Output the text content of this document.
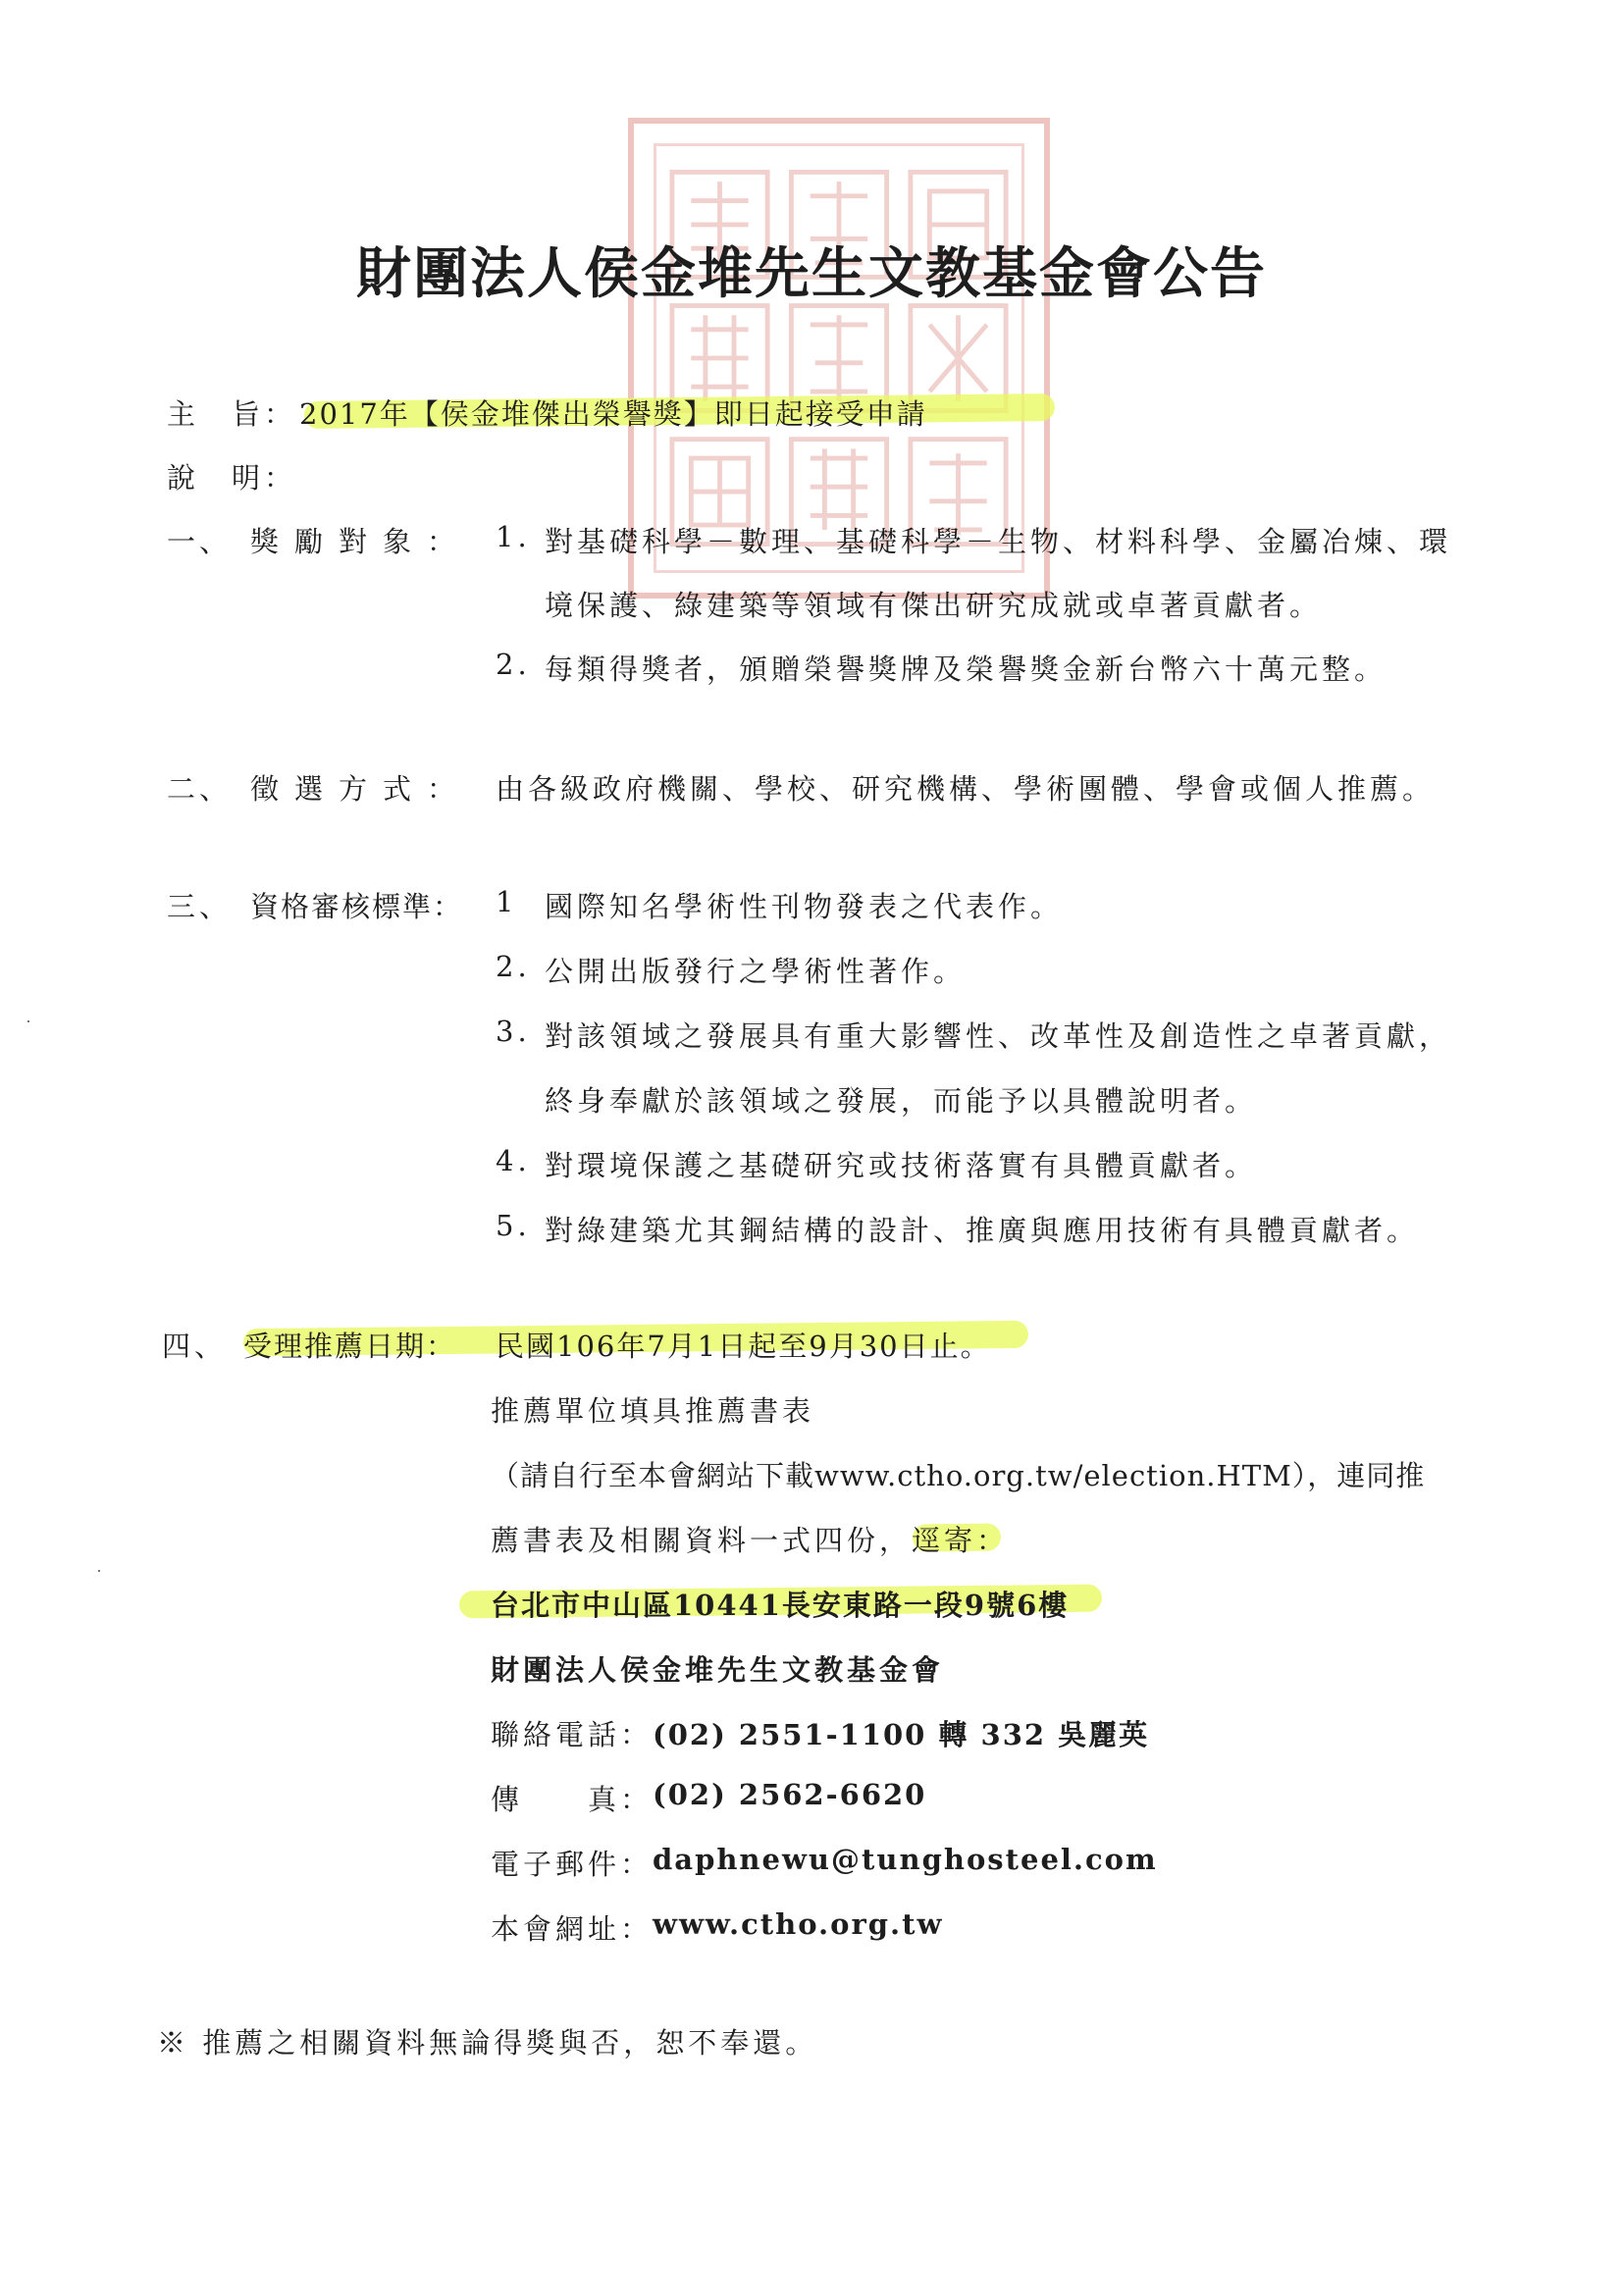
財團法人侯金堆先生文教基金會公告
主　旨： 2017年【侯金堆傑出榮譽獎】即日起接受申請
說　明：
一、 獎勵對象： 1. 對基礎科學－數理、基礎科學－生物、材料科學、金屬冶煉、環
境保護、綠建築等領域有傑出研究成就或卓著貢獻者。
2. 每類得獎者，頒贈榮譽獎牌及榮譽獎金新台幣六十萬元整。
二、 徵選方式： 由各級政府機關、學校、研究機構、學術團體、學會或個人推薦。
三、 資格審核標準： 1 國際知名學術性刊物發表之代表作。
2. 公開出版發行之學術性著作。
3. 對該領域之發展具有重大影響性、改革性及創造性之卓著貢獻，
終身奉獻於該領域之發展，而能予以具體說明者。
4. 對環境保護之基礎研究或技術落實有具體貢獻者。
5. 對綠建築尤其鋼結構的設計、推廣與應用技術有具體貢獻者。
四、 受理推薦日期： 民國106年7月1日起至9月30日止。
推薦單位填具推薦書表
（請自行至本會網站下載www.ctho.org.tw/election.HTM），連同推
薦書表及相關資料一式四份，逕寄：
台北市中山區10441長安東路一段9號6樓
財團法人侯金堆先生文教基金會
聯絡電話： (02) 2551-1100 轉 332 吳麗英
傳　　真： (02) 2562-6620
電子郵件： daphnewu@tunghosteel.com
本會網址： www.ctho.org.tw
※ 推薦之相關資料無論得獎與否，恕不奉還。
